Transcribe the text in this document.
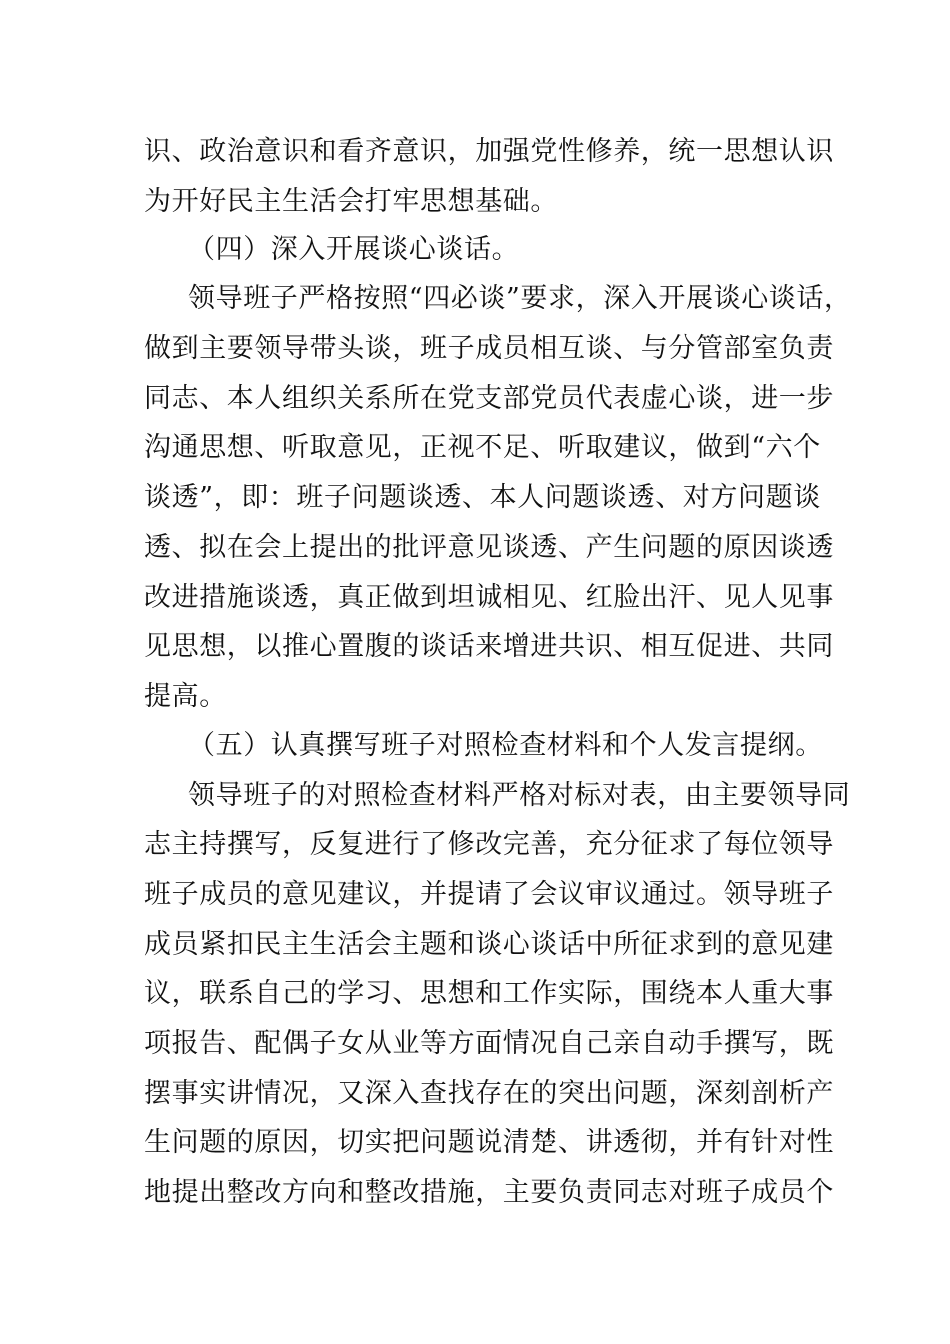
识、政治意识和看齐意识，加强党性修养，统一思想认识
为开好民主生活会打牢思想基础。
（四）深入开展谈心谈话。
领导班子严格按照“四必谈”要求，深入开展谈心谈话，
做到主要领导带头谈，班子成员相互谈、与分管部室负责
同志、本人组织关系所在党支部党员代表虚心谈，进一步
沟通思想、听取意见，正视不足、听取建议，做到“六个
谈透”，即：班子问题谈透、本人问题谈透、对方问题谈
透、拟在会上提出的批评意见谈透、产生问题的原因谈透
改进措施谈透，真正做到坦诚相见、红脸出汗、见人见事
见思想，以推心置腹的谈话来增进共识、相互促进、共同
提高。
（五）认真撰写班子对照检查材料和个人发言提纲。
领导班子的对照检查材料严格对标对表，由主要领导同
志主持撰写，反复进行了修改完善，充分征求了每位领导
班子成员的意见建议，并提请了会议审议通过。领导班子
成员紧扣民主生活会主题和谈心谈话中所征求到的意见建
议，联系自己的学习、思想和工作实际，围绕本人重大事
项报告、配偶子女从业等方面情况自己亲自动手撰写，既
摆事实讲情况，又深入查找存在的突出问题，深刻剖析产
生问题的原因，切实把问题说清楚、讲透彻，并有针对性
地提出整改方向和整改措施，主要负责同志对班子成员个
